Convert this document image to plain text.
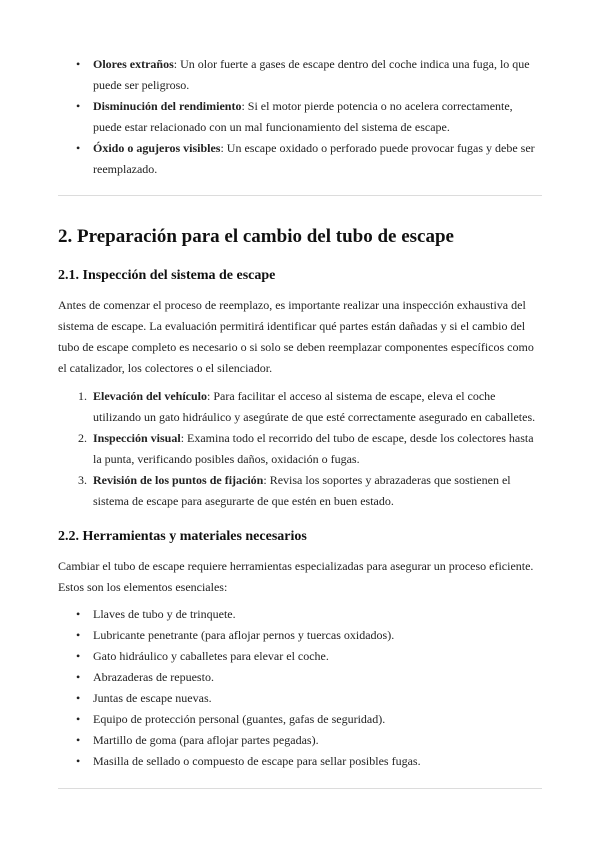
• Olores extraños: Un olor fuerte a gases de escape dentro del coche indica una fuga, lo que puede ser peligroso.
• Disminución del rendimiento: Si el motor pierde potencia o no acelera correctamente, puede estar relacionado con un mal funcionamiento del sistema de escape.
• Óxido o agujeros visibles: Un escape oxidado o perforado puede provocar fugas y debe ser reemplazado.
2. Preparación para el cambio del tubo de escape
2.1. Inspección del sistema de escape

Antes de comenzar el proceso de reemplazo, es importante realizar una inspección exhaustiva del sistema de escape. La evaluación permitirá identificar qué partes están dañadas y si el cambio del tubo de escape completo es necesario o si solo se deben reemplazar componentes específicos como el catalizador, los colectores o el silenciador.

1. Elevación del vehículo: Para facilitar el acceso al sistema de escape, eleva el coche utilizando un gato hidráulico y asegúrate de que esté correctamente asegurado en caballetes.
2. Inspección visual: Examina todo el recorrido del tubo de escape, desde los colectores hasta la punta, verificando posibles daños, oxidación o fugas.
3. Revisión de los puntos de fijación: Revisa los soportes y abrazaderas que sostienen el sistema de escape para asegurarte de que estén en buen estado.
2.2. Herramientas y materiales necesarios

Cambiar el tubo de escape requiere herramientas especializadas para asegurar un proceso eficiente. Estos son los elementos esenciales:

• Llaves de tubo y de trinquete.
• Lubricante penetrante (para aflojar pernos y tuercas oxidados).
• Gato hidráulico y caballetes para elevar el coche.
• Abrazaderas de repuesto.
• Juntas de escape nuevas.
• Equipo de protección personal (guantes, gafas de seguridad).
• Martillo de goma (para aflojar partes pegadas).
• Masilla de sellado o compuesto de escape para sellar posibles fugas.
